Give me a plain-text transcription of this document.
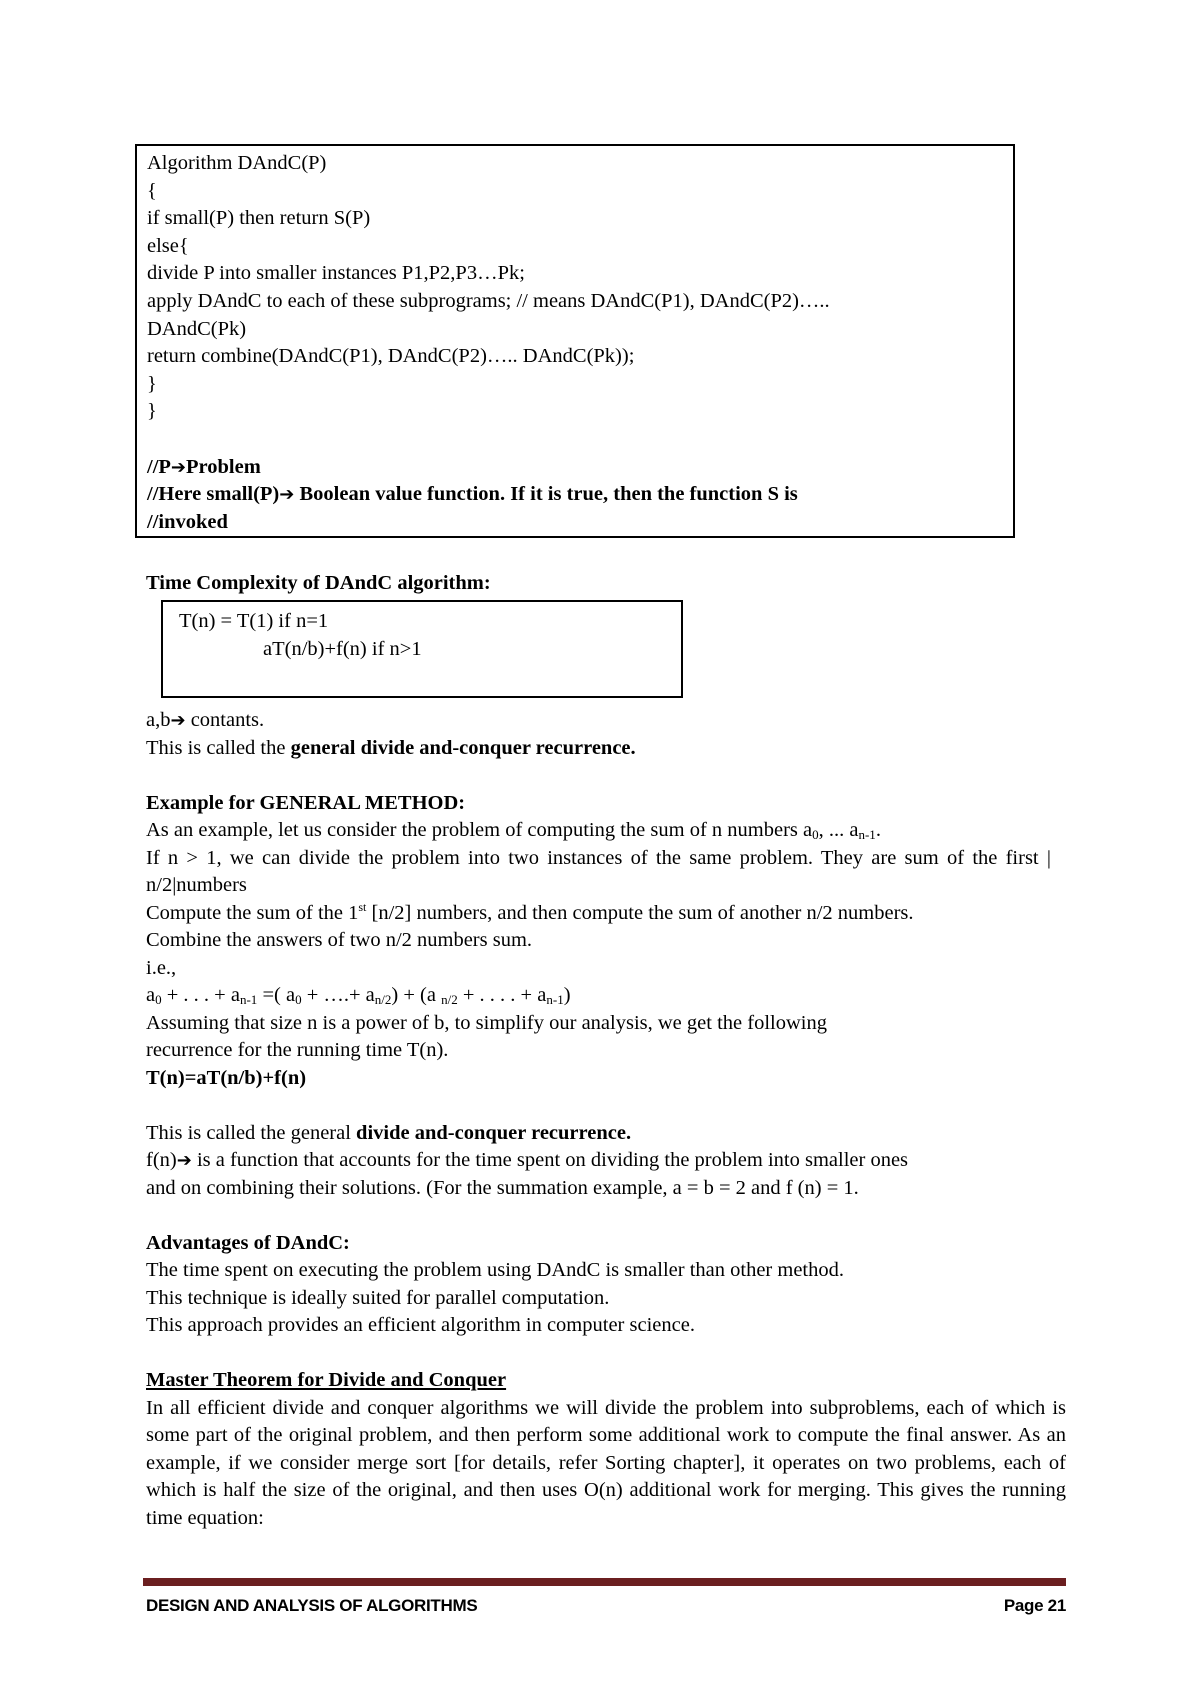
Algorithm DAndC(P)
{
if small(P) then return S(P)
else{
divide P into smaller instances P1,P2,P3…Pk;
apply DAndC to each of these subprograms; // means DAndC(P1), DAndC(P2)…..
DAndC(Pk)
return combine(DAndC(P1), DAndC(P2)….. DAndC(Pk));
}
}

//P➔Problem
//Here small(P)➔ Boolean value function. If it is true, then the function S is
//invoked
Time Complexity of DAndC algorithm:
T(n) = T(1) if n=1
aT(n/b)+f(n) if n>1
a,b➔ contants.
This is called the general divide and-conquer recurrence.

Example for GENERAL METHOD:
As an example, let us consider the problem of computing the sum of n numbers $a_0$, ... $a_{n-1}$.
If n > 1, we can divide the problem into two instances of the same problem. They are sum of the first | n/2|numbers
Compute the sum of the 1st [n/2] numbers, and then compute the sum of another n/2 numbers.
Combine the answers of two n/2 numbers sum.
i.e.,
$a_0$ + . . . + $a_{n-1}$ =( $a_0$ + ….+ $a_{n/2}) + (a$ $_{n/2}$ + . . . . + $a_{n-1}$)
Assuming that size n is a power of b, to simplify our analysis, we get the following
recurrence for the running time T(n).
T(n)=aT(n/b)+f(n)

This is called the general divide and-conquer recurrence.
f(n)➔ is a function that accounts for the time spent on dividing the problem into smaller ones
and on combining their solutions. (For the summation example, a = b = 2 and f (n) = 1.

Advantages of DAndC:
The time spent on executing the problem using DAndC is smaller than other method.
This technique is ideally suited for parallel computation.
This approach provides an efficient algorithm in computer science.

Master Theorem for Divide and Conquer
In all efficient divide and conquer algorithms we will divide the problem into subproblems, each of which is some part of the original problem, and then perform some additional work to compute the final answer. As an example, if we consider merge sort [for details, refer Sorting chapter], it operates on two problems, each of which is half the size of the original, and then uses O(n) additional work for merging. This gives the running time equation:
DESIGN AND ANALYSIS OF ALGORITHMS	Page 21
